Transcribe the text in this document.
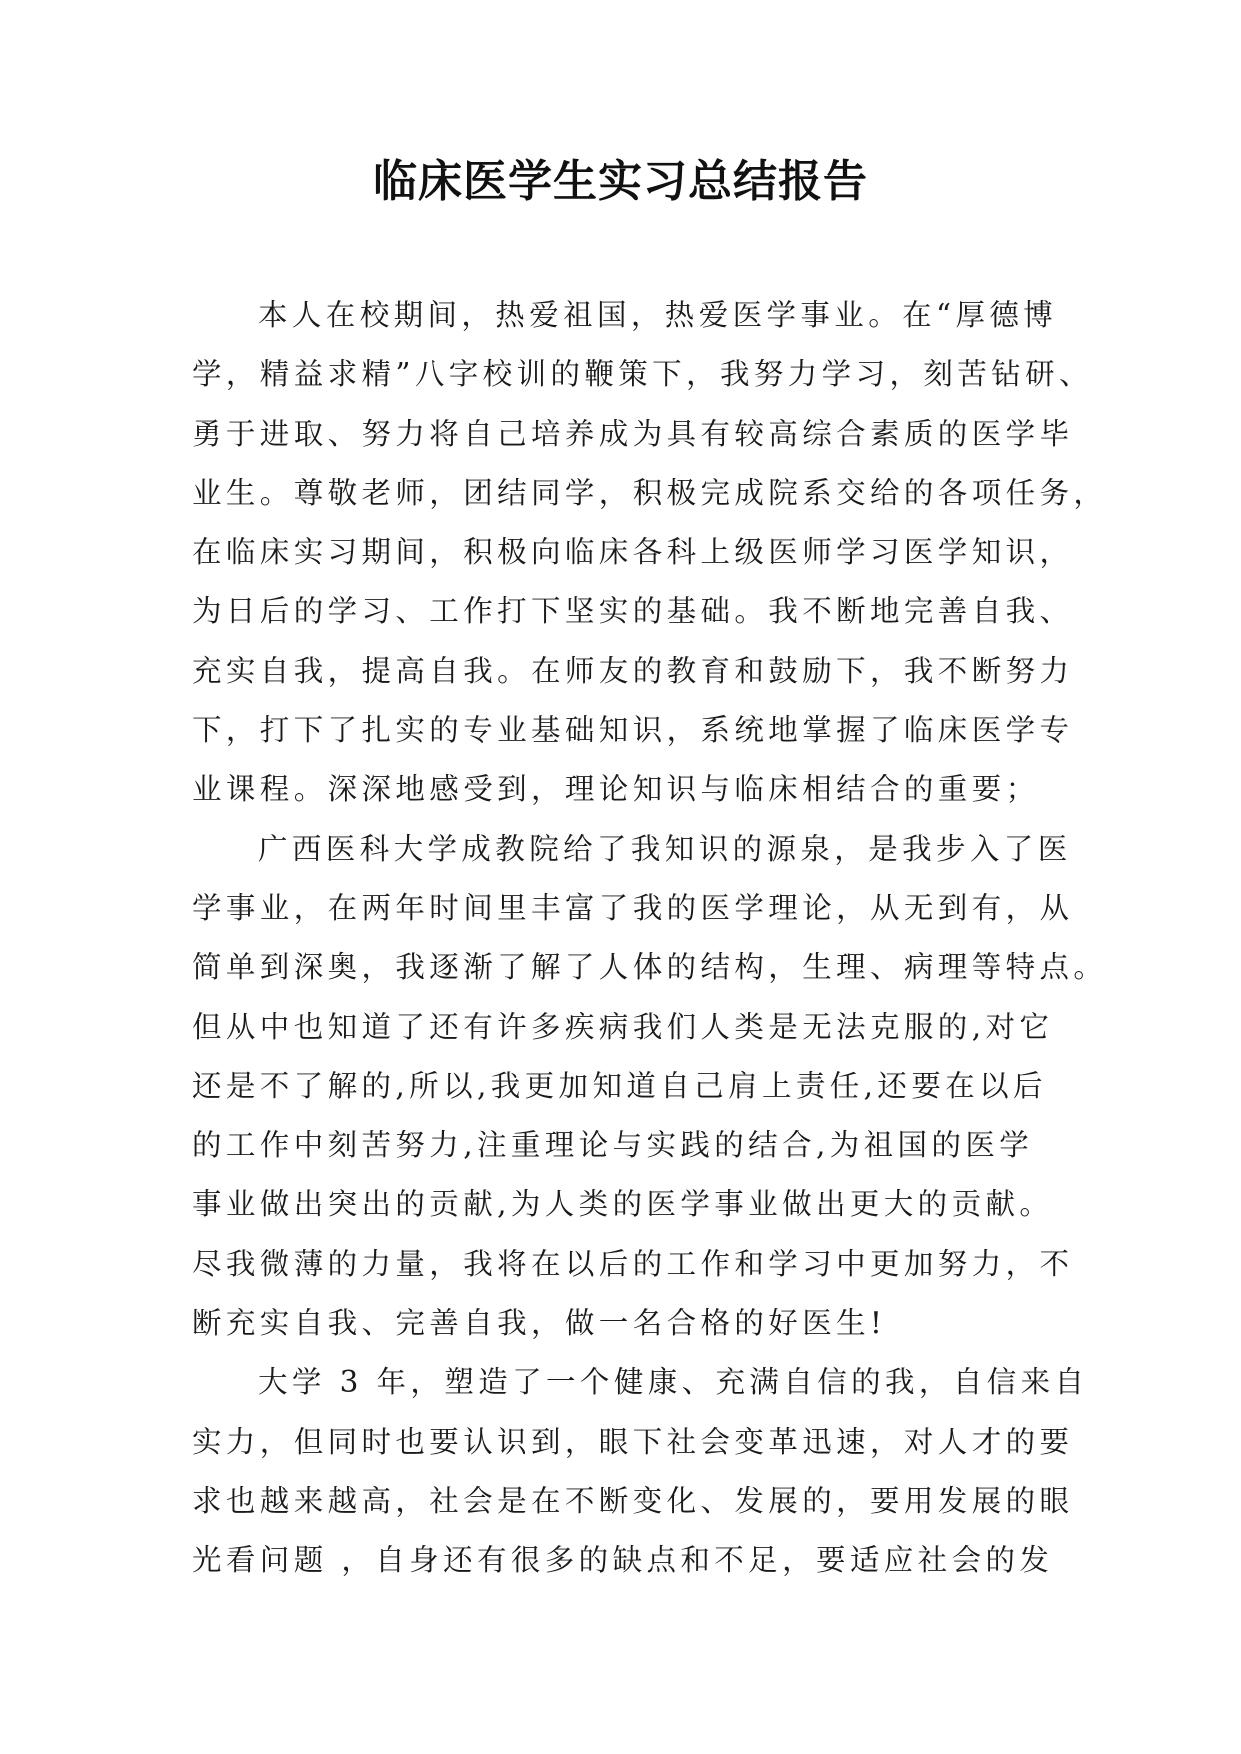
临床医学生实习总结报告
本人在校期间，热爱祖国，热爱医学事业。在“厚德博
学，精益求精”八字校训的鞭策下，我努力学习，刻苦钻研、
勇于进取、努力将自己培养成为具有较高综合素质的医学毕
业生。尊敬老师，团结同学，积极完成院系交给的各项任务，
在临床实习期间，积极向临床各科上级医师学习医学知识，
为日后的学习、工作打下坚实的基础。我不断地完善自我、
充实自我，提高自我。在师友的教育和鼓励下，我不断努力
下，打下了扎实的专业基础知识，系统地掌握了临床医学专
业课程。深深地感受到，理论知识与临床相结合的重要；
广西医科大学成教院给了我知识的源泉，是我步入了医
学事业，在两年时间里丰富了我的医学理论，从无到有，从
简单到深奥，我逐渐了解了人体的结构，生理、病理等特点。
但从中也知道了还有许多疾病我们人类是无法克服的,对它
还是不了解的,所以,我更加知道自己肩上责任,还要在以后
的工作中刻苦努力,注重理论与实践的结合,为祖国的医学
事业做出突出的贡献,为人类的医学事业做出更大的贡献。
尽我微薄的力量，我将在以后的工作和学习中更加努力，不
断充实自我、完善自我，做一名合格的好医生!
大学 3 年，塑造了一个健康、充满自信的我，自信来自
实力，但同时也要认识到，眼下社会变革迅速，对人才的要
求也越来越高，社会是在不断变化、发展的，要用发展的眼
光看问题 ，自身还有很多的缺点和不足，要适应社会的发
